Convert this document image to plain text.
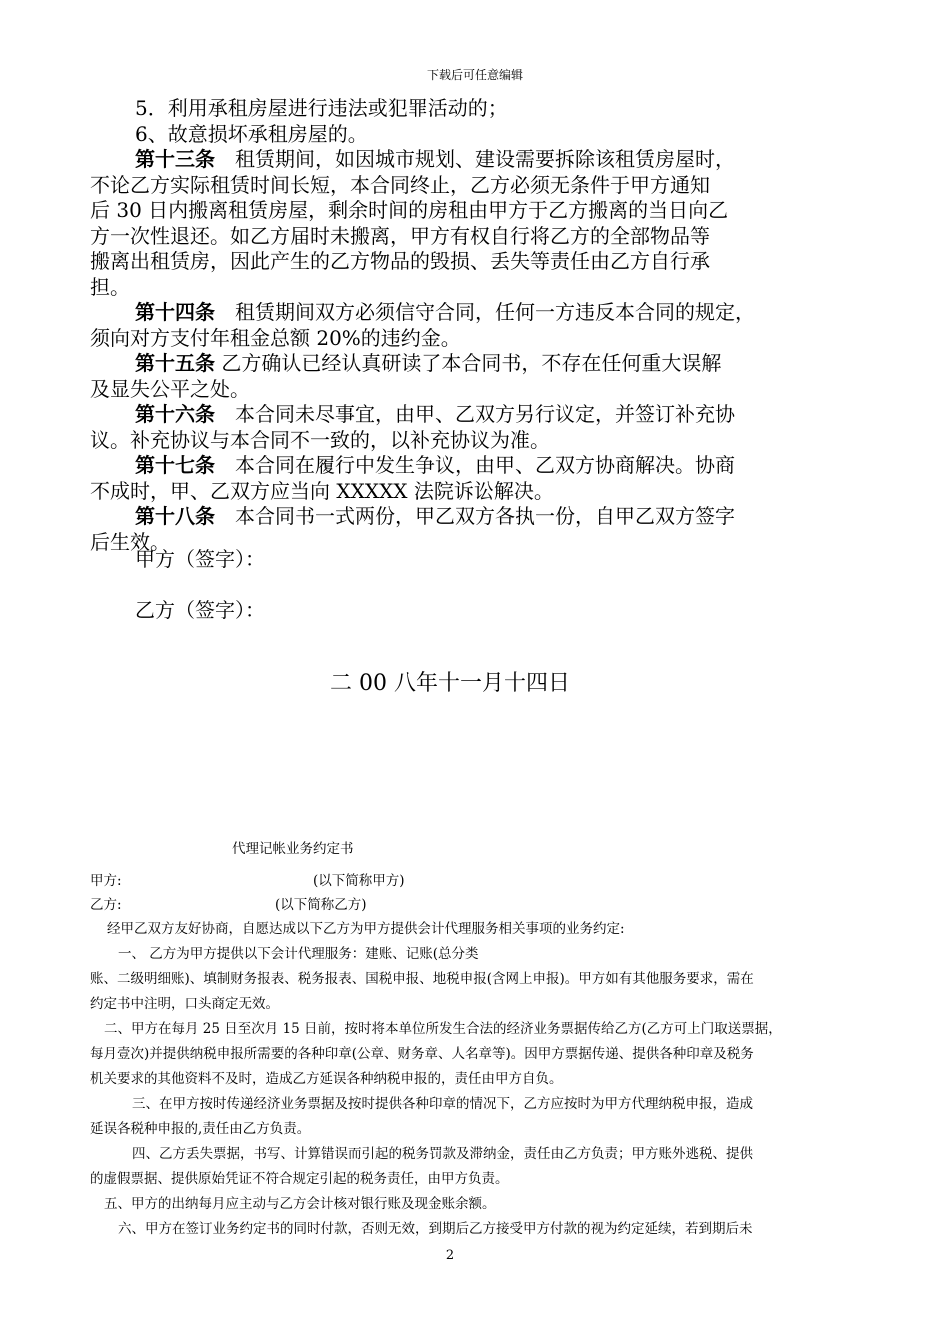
下载后可任意编辑

5．利用承租房屋进行违法或犯罪活动的；

6、故意损坏承租房屋的。

第十三条　租赁期间，如因城市规划、建设需要拆除该租赁房屋时，

不论乙方实际租赁时间长短，本合同终止，乙方必须无条件于甲方通知

后 30 日内搬离租赁房屋，剩余时间的房租由甲方于乙方搬离的当日向乙

方一次性退还。如乙方届时未搬离，甲方有权自行将乙方的全部物品等

搬离出租赁房，因此产生的乙方物品的毁损、丢失等责任由乙方自行承

担。

第十四条　租赁期间双方必须信守合同，任何一方违反本合同的规定，

须向对方支付年租金总额 20%的违约金。

第十五条 乙方确认已经认真研读了本合同书，不存在任何重大误解

及显失公平之处。

第十六条　本合同未尽事宜，由甲、乙双方另行议定，并签订补充协

议。补充协议与本合同不一致的，以补充协议为准。

第十七条　本合同在履行中发生争议，由甲、乙双方协商解决。协商

不成时，甲、乙双方应当向 XXXXX 法院诉讼解决。

第十八条　本合同书一式两份，甲乙双方各执一份，自甲乙双方签字

后生效。

甲方（签字）：
乙方（签字）：
二 00 八年十一月十四日
代理记帐业务约定书
甲方:	(以下简称甲方)
乙方:	(以下简称乙方)
经甲乙双方友好协商，自愿达成以下乙方为甲方提供会计代理服务相关事项的业务约定:
一、 乙方为甲方提供以下会计代理服务：建账、记账(总分类
账、二级明细账)、填制财务报表、税务报表、国税申报、地税申报(含网上申报)。甲方如有其他服务要求，需在
约定书中注明，口头商定无效。
二、甲方在每月 25 日至次月 15 日前，按时将本单位所发生合法的经济业务票据传给乙方(乙方可上门取送票据，
每月壹次)并提供纳税申报所需要的各种印章(公章、财务章、人名章等)。因甲方票据传递、提供各种印章及税务
机关要求的其他资料不及时，造成乙方延误各种纳税申报的，责任由甲方自负。
三、在甲方按时传递经济业务票据及按时提供各种印章的情况下，乙方应按时为甲方代理纳税申报，造成
延误各税种申报的,责任由乙方负责。
四、乙方丢失票据，书写、计算错误而引起的税务罚款及滞纳金，责任由乙方负责；甲方账外逃税、提供
的虚假票据、提供原始凭证不符合规定引起的税务责任，由甲方负责。
五、甲方的出纳每月应主动与乙方会计核对银行账及现金账余额。
六、甲方在签订业务约定书的同时付款，否则无效，到期后乙方接受甲方付款的视为约定延续，若到期后未
2
